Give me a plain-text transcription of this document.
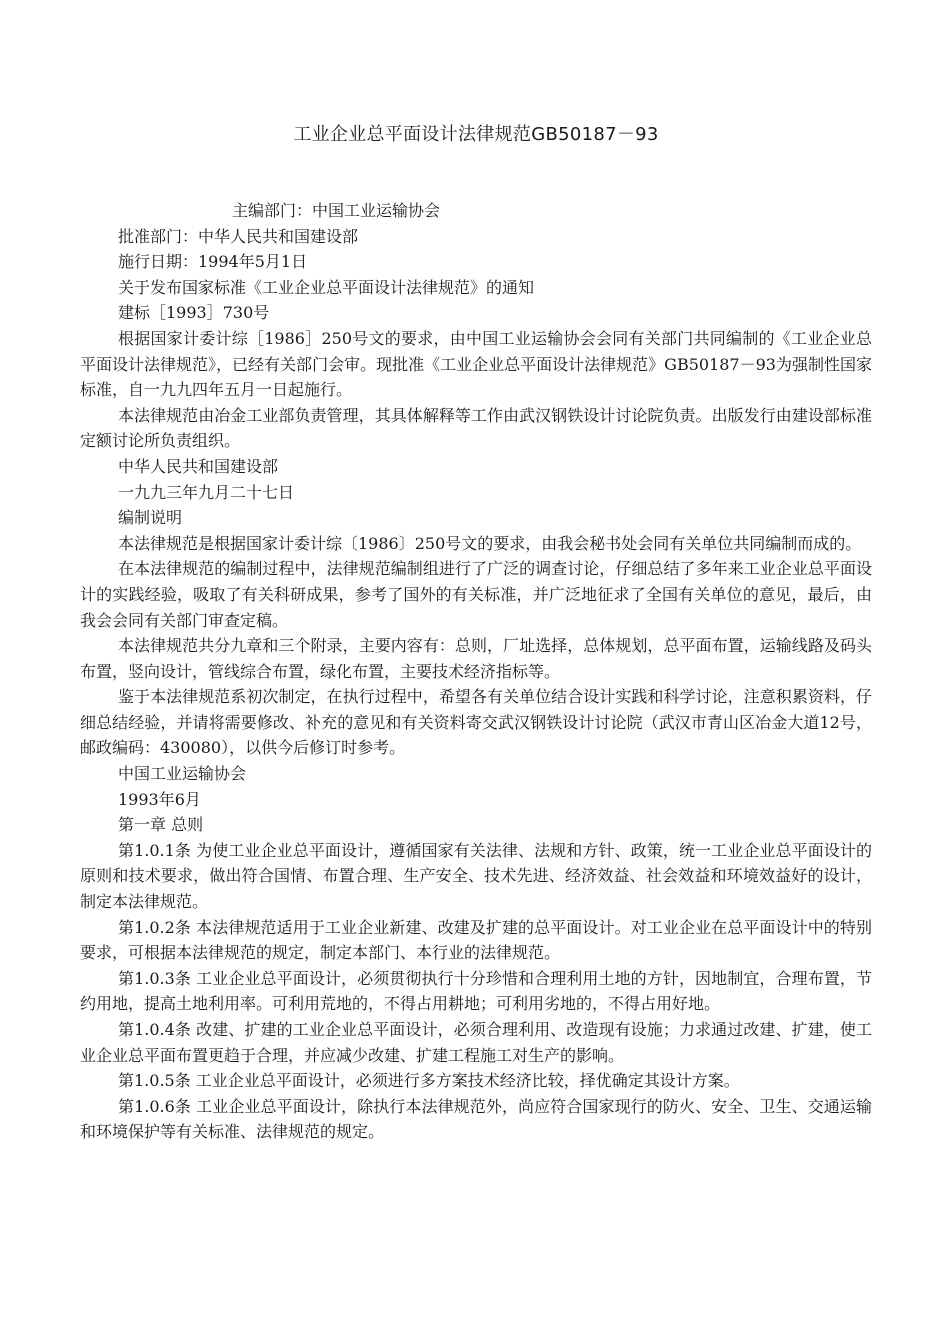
工业企业总平面设计法律规范GB50187－93

主编部门：中国工业运输协会

批准部门：中华人民共和国建设部

施行日期：1994年5月1日

关于发布国家标准《工业企业总平面设计法律规范》的通知

建标［1993］730号

根据国家计委计综［1986］250号文的要求，由中国工业运输协会会同有关部门共同编制的《工业企业总平面设计法律规范》，已经有关部门会审。现批准《工业企业总平面设计法律规范》GB50187－93为强制性国家标准，自一九九四年五月一日起施行。

本法律规范由冶金工业部负责管理，其具体解释等工作由武汉钢铁设计讨论院负责。出版发行由建设部标准定额讨论所负责组织。

中华人民共和国建设部

一九九三年九月二十七日

编制说明

本法律规范是根据国家计委计综〔1986〕250号文的要求，由我会秘书处会同有关单位共同编制而成的。

在本法律规范的编制过程中，法律规范编制组进行了广泛的调查讨论，仔细总结了多年来工业企业总平面设计的实践经验，吸取了有关科研成果，参考了国外的有关标准，并广泛地征求了全国有关单位的意见，最后，由我会会同有关部门审查定稿。

本法律规范共分九章和三个附录，主要内容有：总则，厂址选择，总体规划，总平面布置，运输线路及码头布置，竖向设计，管线综合布置，绿化布置，主要技术经济指标等。

鉴于本法律规范系初次制定，在执行过程中，希望各有关单位结合设计实践和科学讨论，注意积累资料，仔细总结经验，并请将需要修改、补充的意见和有关资料寄交武汉钢铁设计讨论院（武汉市青山区冶金大道12号，邮政编码：430080），以供今后修订时参考。

中国工业运输协会

1993年6月

第一章 总则

第1.0.1条 为使工业企业总平面设计，遵循国家有关法律、法规和方针、政策，统一工业企业总平面设计的原则和技术要求，做出符合国情、布置合理、生产安全、技术先进、经济效益、社会效益和环境效益好的设计，制定本法律规范。

第1.0.2条 本法律规范适用于工业企业新建、改建及扩建的总平面设计。对工业企业在总平面设计中的特别要求，可根据本法律规范的规定，制定本部门、本行业的法律规范。

第1.0.3条 工业企业总平面设计，必须贯彻执行十分珍惜和合理利用土地的方针，因地制宜，合理布置，节约用地，提高土地利用率。可利用荒地的，不得占用耕地；可利用劣地的，不得占用好地。

第1.0.4条 改建、扩建的工业企业总平面设计，必须合理利用、改造现有设施；力求通过改建、扩建，使工业企业总平面布置更趋于合理，并应减少改建、扩建工程施工对生产的影响。

第1.0.5条 工业企业总平面设计，必须进行多方案技术经济比较，择优确定其设计方案。

第1.0.6条 工业企业总平面设计，除执行本法律规范外，尚应符合国家现行的防火、安全、卫生、交通运输和环境保护等有关标准、法律规范的规定。
